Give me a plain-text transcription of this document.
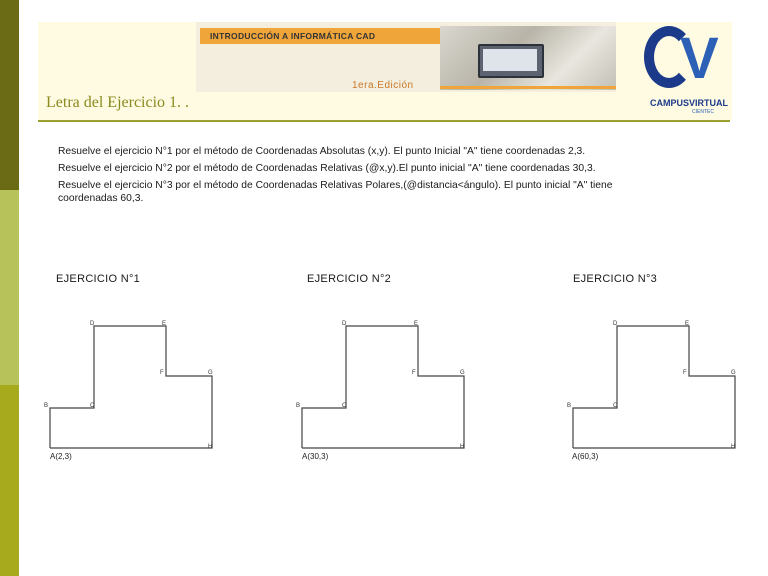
INTRODUCCIÓN A INFORMÁTICA CAD
1era.Edición	V
CAMPUSVIRTUAL
CIENTEC
Letra del Ejercicio 1. .
Resuelve el ejercicio N°1 por el método de Coordenadas Absolutas (x,y). El punto Inicial "A" tiene coordenadas 2,3.
Resuelve el ejercicio N°2 por el método de Coordenadas Relativas (@x,y).El punto inicial "A" tiene coordenadas 30,3.
Resuelve el ejercicio N°3 por el método de Coordenadas Relativas Polares,(@distancia<ángulo). El punto inicial "A" tiene
coordenadas 60,3.
EJERCICIO N°1	EJERCICIO N°2	EJERCICIO N°3
B	C
D	E
F	G
H
A(2,3)
B	C
D	E
F	G
H
A(30,3)
B	C
D	E
F	G
H
A(60,3)
